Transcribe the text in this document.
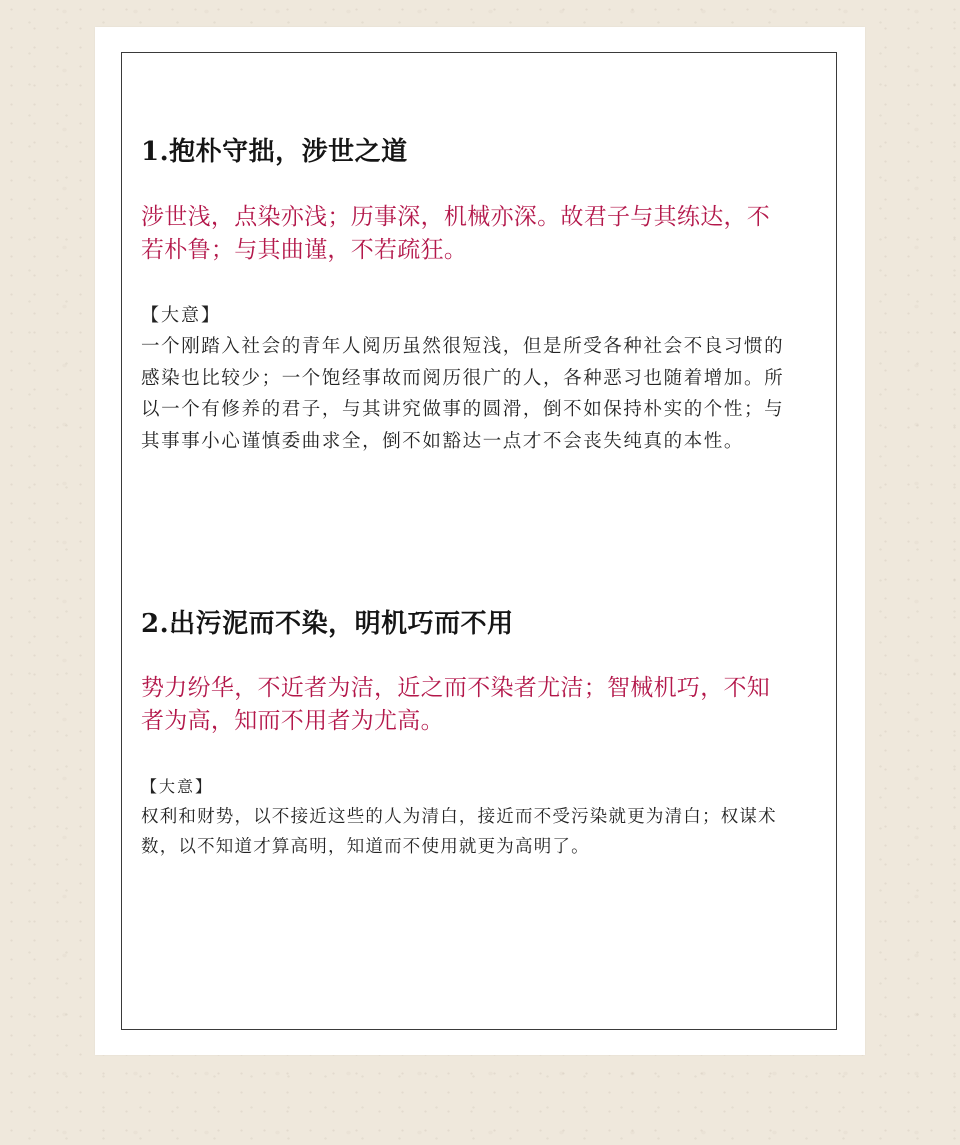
1.抱朴守拙，涉世之道

涉世浅，点染亦浅；历事深，机械亦深。故君子与其练达，不若朴鲁；与其曲谨，不若疏狂。

【大意】

一个刚踏入社会的青年人阅历虽然很短浅，但是所受各种社会不良习惯的感染也比较少；一个饱经事故而阅历很广的人，各种恶习也随着增加。所以一个有修养的君子，与其讲究做事的圆滑，倒不如保持朴实的个性；与其事事小心谨慎委曲求全，倒不如豁达一点才不会丧失纯真的本性。

2.出污泥而不染，明机巧而不用

势力纷华，不近者为洁，近之而不染者尤洁；智械机巧，不知者为高，知而不用者为尤高。

【大意】

权利和财势，以不接近这些的人为清白，接近而不受污染就更为清白；权谋术数，以不知道才算高明，知道而不使用就更为高明了。
